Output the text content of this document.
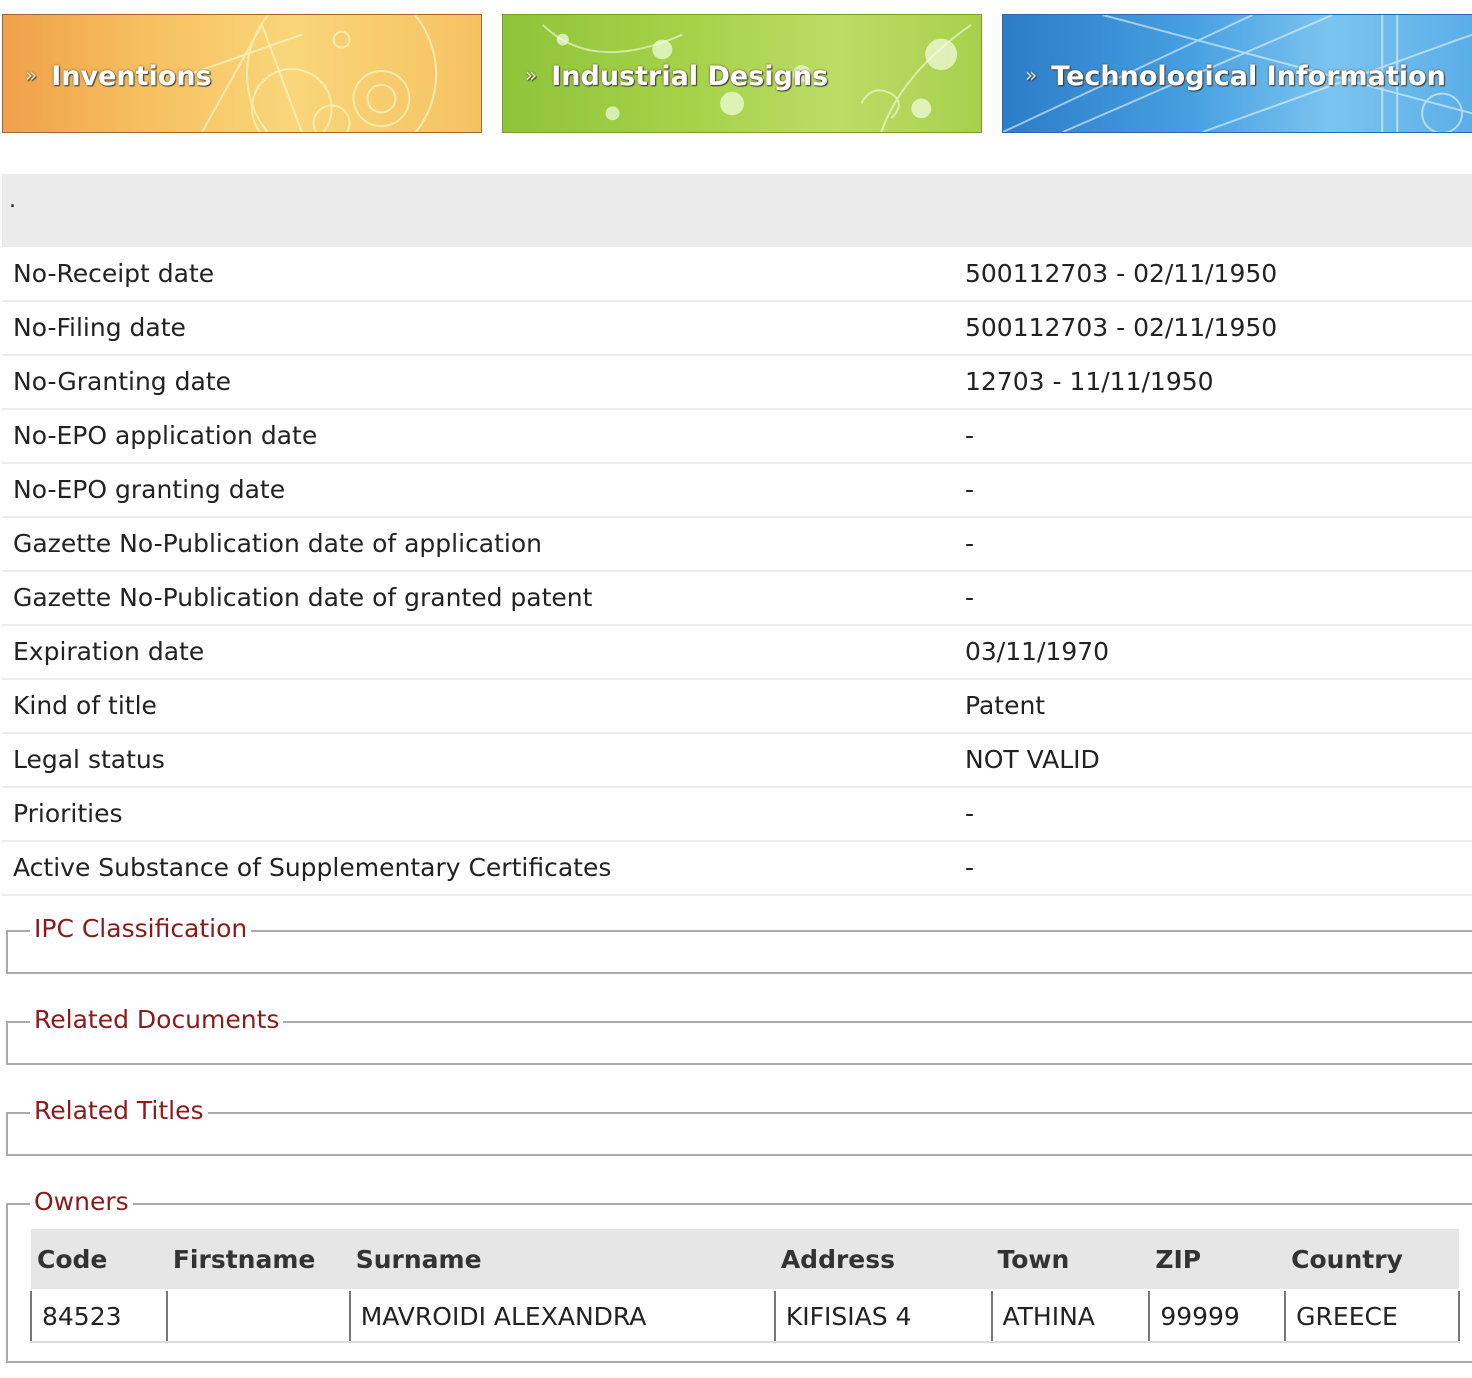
» Inventions	» Industrial Designs	» Technological Information
.
No-Receipt date	500112703 - 02/11/1950
No-Filing date	500112703 - 02/11/1950
No-Granting date	12703 - 11/11/1950
No-EPO application date	-
No-EPO granting date	-
Gazette No-Publication date of application	-
Gazette No-Publication date of granted patent	-
Expiration date	03/11/1970
Kind of title	Patent
Legal status	NOT VALID
Priorities	-
Active Substance of Supplementary Certificates	-
IPC Classification
Related Documents
Related Titles
Owners
Code	Firstname	Surname	Address	Town	ZIP	Country

84523		MAVROIDI ALEXANDRA	KIFISIAS 4	ATHINA	99999	GREECE
